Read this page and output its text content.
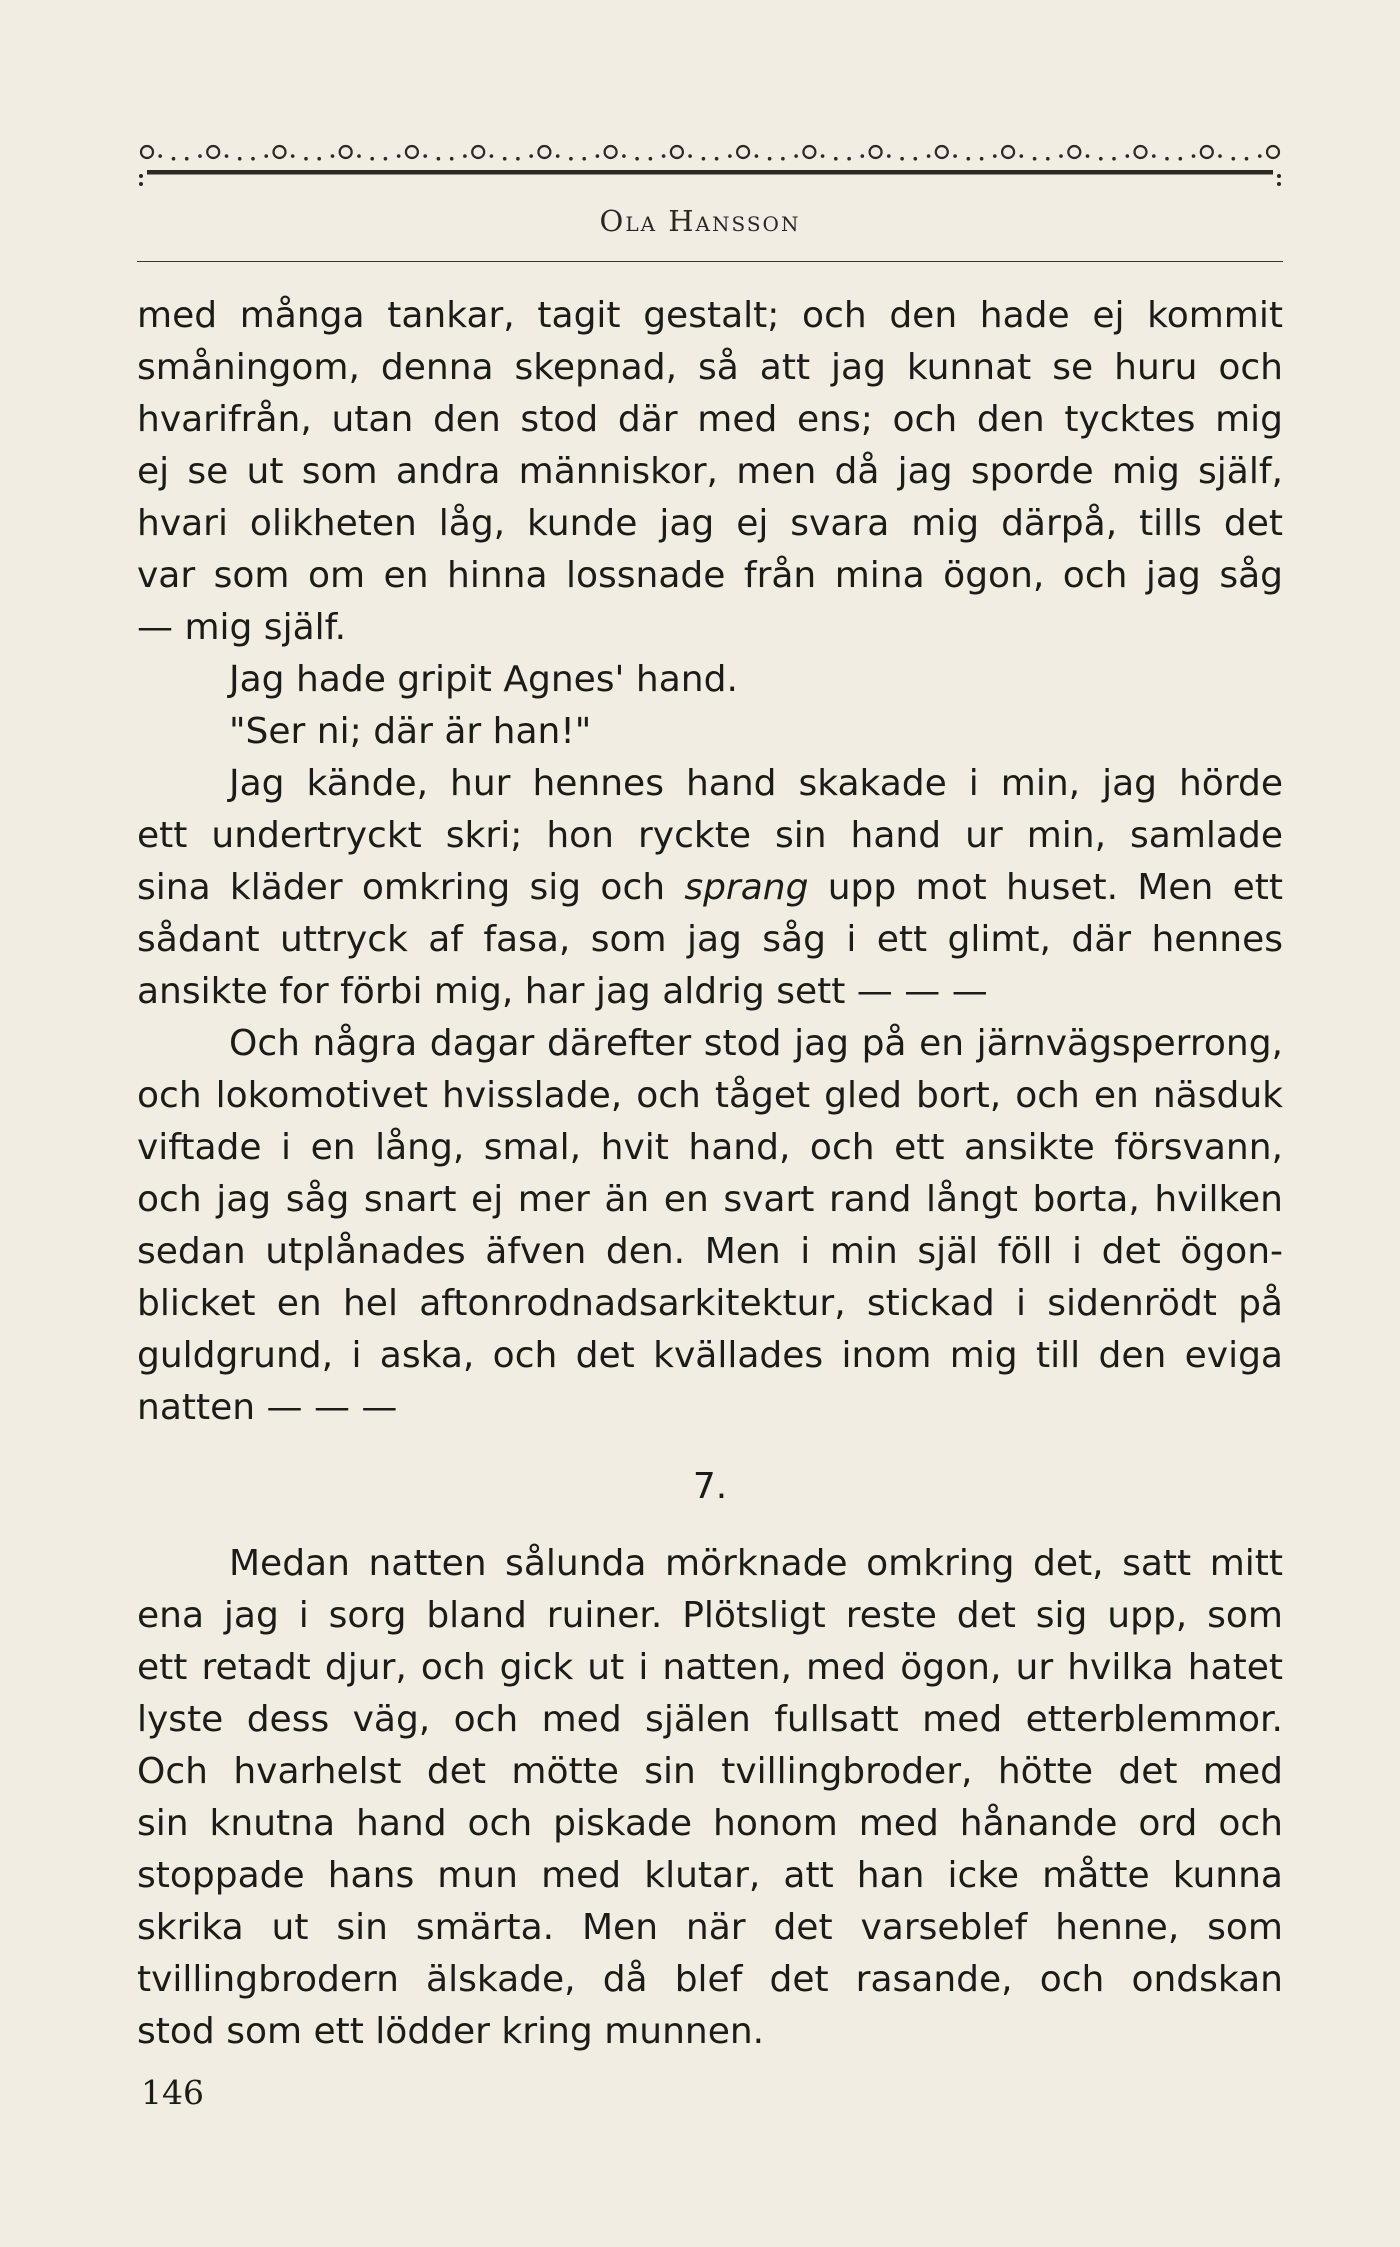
Ola Hansson
med många tankar, tagit gestalt; och den hade ej kommit
småningom, denna skepnad, så att jag kunnat se huru och
hvarifrån, utan den stod där med ens; och den tycktes mig
ej se ut som andra människor, men då jag sporde mig själf,
hvari olikheten låg, kunde jag ej svara mig därpå, tills det
var som om en hinna lossnade från mina ögon, och jag såg
— mig själf.
Jag hade gripit Agnes' hand.
"Ser ni; där är han!"
Jag kände, hur hennes hand skakade i min, jag hörde
ett undertryckt skri; hon ryckte sin hand ur min, samlade
sina kläder omkring sig och sprang upp mot huset. Men ett
sådant uttryck af fasa, som jag såg i ett glimt, där hennes
ansikte for förbi mig, har jag aldrig sett — — —
Och några dagar därefter stod jag på en järnvägsperrong,
och lokomotivet hvisslade, och tåget gled bort, och en näsduk
viftade i en lång, smal, hvit hand, och ett ansikte försvann,
och jag såg snart ej mer än en svart rand långt borta, hvilken
sedan utplånades äfven den. Men i min själ föll i det ögon-
blicket en hel aftonrodnadsarkitektur, stickad i sidenrödt på
guldgrund, i aska, och det kvällades inom mig till den eviga
natten — — —
7.
Medan natten sålunda mörknade omkring det, satt mitt
ena jag i sorg bland ruiner. Plötsligt reste det sig upp, som
ett retadt djur, och gick ut i natten, med ögon, ur hvilka hatet
lyste dess väg, och med själen fullsatt med etterblemmor.
Och hvarhelst det mötte sin tvillingbroder, hötte det med
sin knutna hand och piskade honom med hånande ord och
stoppade hans mun med klutar, att han icke måtte kunna
skrika ut sin smärta. Men när det varseblef henne, som
tvillingbrodern älskade, då blef det rasande, och ondskan
stod som ett lödder kring munnen.
146
